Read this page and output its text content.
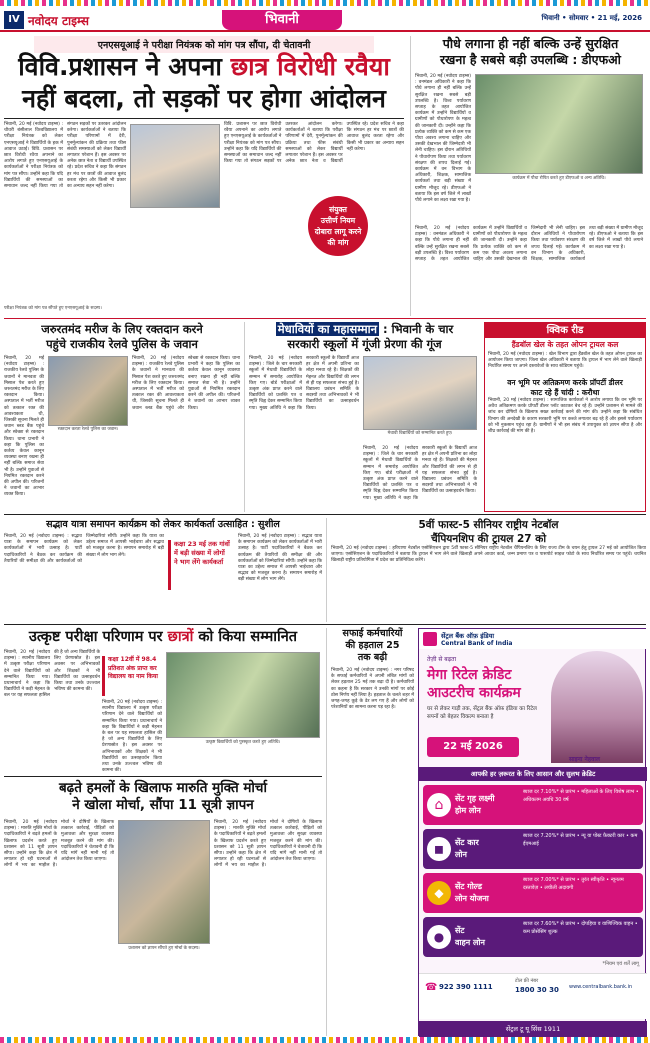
IV नवोदय टाइम्स	भिवानी	भिवानी • सोमवार • 21 मई, 2026
एनएसयूआई ने परीक्षा नियंत्रक को मांग पत्र सौंपा, दी चेतावनी
विवि.प्रशासन ने अपना छात्र विरोधी रवैया
नहीं बदला, तो सड़कों पर होगा आंदोलन
भिवानी, 20 मई (नवोदय टाइम्स) : चौधरी बंसीलाल विश्वविद्यालय में परीक्षा नियंत्रक को लेकर एनएसयूआई ने विद्यार्थियों के हक में आवाज उठाई। विवि. प्रशासन पर छात्र विरोधी रवैया अपनाने का आरोप लगाते हुए एनएसयूआई के कार्यकर्ताओं ने परीक्षा नियंत्रक को मांग पत्र सौंपा। उन्होंने कहा कि यदि विद्यार्थियों की समस्याओं का समाधान जल्द नहीं किया गया तो संगठन सड़कों पर उतरकर आंदोलन करेगा। कार्यकर्ताओं ने बताया कि परीक्षा परिणामों में देरी, पुनर्मूल्यांकन की प्रक्रिया तथा फीस संबंधी समस्याओं को लेकर विद्यार्थी लगातार परेशान हैं। इस अवसर पर अनेक छात्र नेता व विद्यार्थी उपस्थित रहे। प्रदेश सचिव ने कहा कि संगठन हर मंच पर छात्रों की आवाज बुलंद करता रहेगा और किसी भी प्रकार का अन्याय सहन नहीं करेगा।
परीक्षा नियंत्रक को मांग पत्र सौंपते हुए एनएसयूआई के सदस्य।
विवि. प्रशासन पर छात्र विरोधी रवैया अपनाने का आरोप लगाते हुए एनएसयूआई के कार्यकर्ताओं ने परीक्षा नियंत्रक को मांग पत्र सौंपा। उन्होंने कहा कि यदि विद्यार्थियों की समस्याओं का समाधान जल्द नहीं किया गया तो संगठन सड़कों पर उतरकर आंदोलन करेगा। कार्यकर्ताओं ने बताया कि परीक्षा परिणामों में देरी, पुनर्मूल्यांकन की प्रक्रिया तथा फीस संबंधी समस्याओं को लेकर विद्यार्थी लगातार परेशान हैं। इस अवसर पर अनेक छात्र नेता व विद्यार्थी उपस्थित रहे। प्रदेश सचिव ने कहा कि संगठन हर मंच पर छात्रों की आवाज बुलंद करता रहेगा और किसी भी प्रकार का अन्याय सहन नहीं करेगा।
संयुक्त
उत्तीर्ण नियम
दोबारा लागू करने
की मांग
पौधे लगाना ही नहीं बल्कि उन्हें सुरक्षित
रखना है सबसे बड़ी उपलब्धि : डीएफओ
भिवानी, 20 मई (नवोदय टाइम्स) : वनमंडल अधिकारी ने कहा कि पौधे लगाना ही नहीं बल्कि उन्हें सुरक्षित रखना सबसे बड़ी उपलब्धि है। विश्व पर्यावरण सप्ताह के तहत आयोजित कार्यक्रम में उन्होंने विद्यार्थियों व ग्रामीणों को पौधारोपण के महत्व की जानकारी दी। उन्होंने कहा कि प्रत्येक व्यक्ति को कम से कम एक पौधा अवश्य लगाना चाहिए और उसकी देखभाल की जिम्मेदारी भी लेनी चाहिए। इस दौरान अतिथियों ने पौधारोपण किया तथा पर्यावरण संरक्षण की शपथ दिलाई गई। कार्यक्रम में वन विभाग के अधिकारी, शिक्षक, सामाजिक कार्यकर्ता तथा बड़ी संख्या में ग्रामीण मौजूद रहे। डीएफओ ने बताया कि इस वर्ष जिले में लाखों पौधे लगाने का लक्ष्य रखा गया है।
कार्यक्रम में पौधा रोपित करते हुए डीएफओ व अन्य अतिथि।
भिवानी, 20 मई (नवोदय टाइम्स) : वनमंडल अधिकारी ने कहा कि पौधे लगाना ही नहीं बल्कि उन्हें सुरक्षित रखना सबसे बड़ी उपलब्धि है। विश्व पर्यावरण सप्ताह के तहत आयोजित कार्यक्रम में उन्होंने विद्यार्थियों व ग्रामीणों को पौधारोपण के महत्व की जानकारी दी। उन्होंने कहा कि प्रत्येक व्यक्ति को कम से कम एक पौधा अवश्य लगाना चाहिए और उसकी देखभाल की जिम्मेदारी भी लेनी चाहिए। इस दौरान अतिथियों ने पौधारोपण किया तथा पर्यावरण संरक्षण की शपथ दिलाई गई। कार्यक्रम में वन विभाग के अधिकारी, शिक्षक, सामाजिक कार्यकर्ता तथा बड़ी संख्या में ग्रामीण मौजूद रहे। डीएफओ ने बताया कि इस वर्ष जिले में लाखों पौधे लगाने का लक्ष्य रखा गया है।
जरुरतमंद मरीज के लिए रक्तदान करने
पहुंचे राजकीय रेलवे पुलिस के जवान
भिवानी, 20 मई (नवोदय टाइम्स) : राजकीय रेलवे पुलिस के जवानों ने मानवता की मिसाल पेश करते हुए जरुरतमंद मरीज के लिए रक्तदान किया। अस्पताल में भर्ती मरीज को तत्काल रक्त की आवश्यकता थी, जिसकी सूचना मिलते ही जवान ब्लड बैंक पहुंचे और स्वेच्छा से रक्तदान किया। थाना प्रभारी ने कहा कि पुलिस का कर्तव्य केवल कानून व्यवस्था बनाए रखना ही नहीं बल्कि समाज सेवा भी है। उन्होंने युवाओं से नियमित रक्तदान करने की अपील की। परिजनों ने जवानों का आभार व्यक्त किया।
रक्तदान करता रेलवे पुलिस का जवान।
भिवानी, 20 मई (नवोदय टाइम्स) : राजकीय रेलवे पुलिस के जवानों ने मानवता की मिसाल पेश करते हुए जरुरतमंद मरीज के लिए रक्तदान किया। अस्पताल में भर्ती मरीज को तत्काल रक्त की आवश्यकता थी, जिसकी सूचना मिलते ही जवान ब्लड बैंक पहुंचे और स्वेच्छा से रक्तदान किया। थाना प्रभारी ने कहा कि पुलिस का कर्तव्य केवल कानून व्यवस्था बनाए रखना ही नहीं बल्कि समाज सेवा भी है। उन्होंने युवाओं से नियमित रक्तदान करने की अपील की। परिजनों ने जवानों का आभार व्यक्त किया।
मेधावियों का महासम्मान : भिवानी के चार
सरकारी स्कूलों में गूंजी प्रेरणा की गूंज
भिवानी, 20 मई (नवोदय टाइम्स) : जिले के चार सरकारी स्कूलों में मेधावी विद्यार्थियों के सम्मान में समारोह आयोजित किए गए। बोर्ड परीक्षाओं में उत्कृष्ट अंक प्राप्त करने वाले विद्यार्थियों को प्रशस्ति पत्र व स्मृति चिह्न देकर सम्मानित किया गया। मुख्य अतिथि ने कहा कि सरकारी स्कूलों के विद्यार्थी आज हर क्षेत्र में अपनी प्रतिभा का लोहा मनवा रहे हैं। शिक्षकों की मेहनत और विद्यार्थियों की लगन से ही यह सफलता संभव हुई है। विद्यालय प्रबंधन समिति के सदस्यों तथा अभिभावकों ने भी विद्यार्थियों का उत्साहवर्धन किया।
मेधावी विद्यार्थियों को सम्मानित करते हुए।
भिवानी, 20 मई (नवोदय टाइम्स) : जिले के चार सरकारी स्कूलों में मेधावी विद्यार्थियों के सम्मान में समारोह आयोजित किए गए। बोर्ड परीक्षाओं में उत्कृष्ट अंक प्राप्त करने वाले विद्यार्थियों को प्रशस्ति पत्र व स्मृति चिह्न देकर सम्मानित किया गया। मुख्य अतिथि ने कहा कि सरकारी स्कूलों के विद्यार्थी आज हर क्षेत्र में अपनी प्रतिभा का लोहा मनवा रहे हैं। शिक्षकों की मेहनत और विद्यार्थियों की लगन से ही यह सफलता संभव हुई है। विद्यालय प्रबंधन समिति के सदस्यों तथा अभिभावकों ने भी विद्यार्थियों का उत्साहवर्धन किया।
क्विक रीड
हैंडबॉल खेल के तहत ओपन ट्रायल कल
भिवानी, 20 मई (नवोदय टाइम्स) : खेल विभाग द्वारा हैंडबॉल खेल के तहत ओपन ट्रायल का आयोजन किया जाएगा। जिला खेल अधिकारी ने बताया कि ट्रायल में भाग लेने वाले खिलाड़ी निर्धारित समय पर अपने दस्तावेजों के साथ स्टेडियम पहुंचें।
वन भूमि पर अतिक्रमण करके प्रॉपर्टी डीलर
काट रहे हैं चांदी : करौथा
भिवानी, 20 मई (नवोदय टाइम्स) : सामाजिक कार्यकर्ता ने आरोप लगाया कि वन भूमि पर अवैध अतिक्रमण करके प्रॉपर्टी डीलर प्लॉट काटकर बेच रहे हैं। उन्होंने प्रशासन से मामले की जांच कर दोषियों के खिलाफ सख्त कार्रवाई करने की मांग की। उन्होंने कहा कि संबंधित विभाग की अनदेखी के कारण सरकारी भूमि पर कब्जे लगातार बढ़ रहे हैं और इससे पर्यावरण को भी नुकसान पहुंच रहा है। ग्रामीणों ने भी इस संबंध में उपायुक्त को ज्ञापन सौंपा है और शीघ्र कार्रवाई की मांग की है।
सद्भाव यात्रा समापन कार्यक्रम को लेकर कार्यकर्ता उत्साहित : सुशील
भिवानी, 20 मई (नवोदय टाइम्स) : सद्भाव यात्रा के समापन कार्यक्रम को लेकर कार्यकर्ताओं में भारी उत्साह है। पार्टी पदाधिकारियों ने बैठक कर कार्यक्रम की तैयारियों की समीक्षा की और कार्यकर्ताओं को जिम्मेदारियां सौंपीं। उन्होंने कहा कि यात्रा का उद्देश्य समाज में आपसी भाईचारा और सद्भाव को मजबूत करना है। समापन समारोह में बड़ी संख्या में लोग भाग लेंगे।
कक्षा 23 मई तक गांवों
में बड़ी संख्या में लोगों
ने भाग लेंगे कार्यकर्ता
भिवानी, 20 मई (नवोदय टाइम्स) : सद्भाव यात्रा के समापन कार्यक्रम को लेकर कार्यकर्ताओं में भारी उत्साह है। पार्टी पदाधिकारियों ने बैठक कर कार्यक्रम की तैयारियों की समीक्षा की और कार्यकर्ताओं को जिम्मेदारियां सौंपीं। उन्होंने कहा कि यात्रा का उद्देश्य समाज में आपसी भाईचारा और सद्भाव को मजबूत करना है। समापन समारोह में बड़ी संख्या में लोग भाग लेंगे।
5वीं फास्ट-5 सीनियर राष्ट्रीय नेटबॉल
चैंपियनशिप की ट्रायल 27 को
भिवानी, 20 मई (नवोदय टाइम्स) : हरियाणा नेटबॉल एसोसिएशन द्वारा 5वीं फास्ट-5 सीनियर राष्ट्रीय नेटबॉल चैंपियनशिप के लिए राज्य टीम के चयन हेतु ट्रायल 27 मई को आयोजित किया जाएगा। एसोसिएशन के पदाधिकारियों ने बताया कि ट्रायल में भाग लेने वाले खिलाड़ी अपने आधार कार्ड, जन्म प्रमाण पत्र व पासपोर्ट साइज फोटो के साथ निर्धारित समय पर पहुंचें। चयनित खिलाड़ी राष्ट्रीय प्रतियोगिता में प्रदेश का प्रतिनिधित्व करेंगे।
उत्कृष्ट परीक्षा परिणाम पर छात्रों को किया सम्मानित
भिवानी, 20 मई (नवोदय टाइम्स) : स्थानीय विद्यालय में उत्कृष्ट परीक्षा परिणाम देने वाले विद्यार्थियों को सम्मानित किया गया। प्रधानाचार्य ने कहा कि विद्यार्थियों ने कड़ी मेहनत के बल पर यह सफलता हासिल की है जो अन्य विद्यार्थियों के लिए प्रेरणास्रोत है। इस अवसर पर अभिभावकों और शिक्षकों ने भी विद्यार्थियों का उत्साहवर्धन किया तथा उनके उज्ज्वल भविष्य की कामना की।
कक्षा 12वीं में 98.4
प्रतिशत अंक प्राप्त कर
विद्यालय का नाम किया
भिवानी, 20 मई (नवोदय टाइम्स) : स्थानीय विद्यालय में उत्कृष्ट परीक्षा परिणाम देने वाले विद्यार्थियों को सम्मानित किया गया। प्रधानाचार्य ने कहा कि विद्यार्थियों ने कड़ी मेहनत के बल पर यह सफलता हासिल की है जो अन्य विद्यार्थियों के लिए प्रेरणास्रोत है। इस अवसर पर अभिभावकों और शिक्षकों ने भी विद्यार्थियों का उत्साहवर्धन किया तथा उनके उज्ज्वल भविष्य की कामना की।
उत्कृष्ट विद्यार्थियों को पुरस्कृत करते हुए अतिथि।
सफाई कर्मचारियों
की हड़ताल 25
तक बढ़ी
भिवानी, 20 मई (नवोदय टाइम्स) : नगर परिषद के सफाई कर्मचारियों ने अपनी लंबित मांगों को लेकर हड़ताल 25 मई तक बढ़ा दी है। कर्मचारियों का कहना है कि सरकार ने उनकी मांगों पर कोई ठोस निर्णय नहीं लिया है। हड़ताल के चलते शहर में जगह-जगह कूड़े के ढेर लग गए हैं और लोगों को परेशानियों का सामना करना पड़ रहा है।
बढ़ते हमलों के खिलाफ मारुति मुक्ति मोर्चा
ने खोला मोर्चा, सौंपा 11 सूत्री ज्ञापन
भिवानी, 20 मई (नवोदय टाइम्स) : मारुति मुक्ति मोर्चा के पदाधिकारियों ने बढ़ते हमलों के खिलाफ प्रदर्शन करते हुए प्रशासन को 11 सूत्री ज्ञापन सौंपा। उन्होंने कहा कि क्षेत्र में लगातार हो रही घटनाओं से लोगों में भय का माहौल है। मोर्चा ने दोषियों के खिलाफ तत्काल कार्रवाई, पीड़ितों को मुआवजा और सुरक्षा व्यवस्था मजबूत करने की मांग की। पदाधिकारियों ने चेतावनी दी कि यदि मांगें नहीं मानी गईं तो आंदोलन तेज किया जाएगा।
प्रशासन को ज्ञापन सौंपते हुए मोर्चा के सदस्य।
भिवानी, 20 मई (नवोदय टाइम्स) : मारुति मुक्ति मोर्चा के पदाधिकारियों ने बढ़ते हमलों के खिलाफ प्रदर्शन करते हुए प्रशासन को 11 सूत्री ज्ञापन सौंपा। उन्होंने कहा कि क्षेत्र में लगातार हो रही घटनाओं से लोगों में भय का माहौल है। मोर्चा ने दोषियों के खिलाफ तत्काल कार्रवाई, पीड़ितों को मुआवजा और सुरक्षा व्यवस्था मजबूत करने की मांग की। पदाधिकारियों ने चेतावनी दी कि यदि मांगें नहीं मानी गईं तो आंदोलन तेज किया जाएगा।
सेंट्रल बैंक ऑफ़ इंडिया
Central Bank of India
तेज़ी से बढ़ता
मेगा रिटेल क्रेडिट
आउटरीच कार्यक्रम
घर से लेकर गाड़ी तक, सेंट्रल बैंक ऑफ़ इंडिया का रिटेल सपनों को बेहतर विकल्प बनाता है
22 मई 2026
साइना नेहवाल
आपकी हर ज़रूरत के लिए आसान और सुलभ क्रेडिट
⌂	सेंट गृह लक्ष्मी
होम लोन
ब्याज दर 7.10%* से प्रारंभ • महिलाओं के लिए विशेष लाभ • अधिकतम अवधि 30 वर्ष
◼	सेंट कार
लोन
ब्याज दर 7.20%* से प्रारंभ • न्यू या पोस्ट फ़ैक्टरी कार • कम ईएमआई
◆	सेंट गोल्ड
लोन योजना
ब्याज दर 7.00%* से प्रारंभ • तुरंत स्वीकृति • न्यूनतम दस्तावेज़ • लचीली अदायगी
●	सेंट
वाहन लोन
ब्याज दर 7.60%* से प्रारंभ • दोपहिया व वाणिज्यिक वाहन • कम प्रोसेसिंग शुल्क
*नियम एवं शर्तें लागू
☎ 922 390 1111
टोल फ्री नंबर
1800 30 30 www.centralbank.bank.in
सेंट्रल टू यू सिंस 1911
